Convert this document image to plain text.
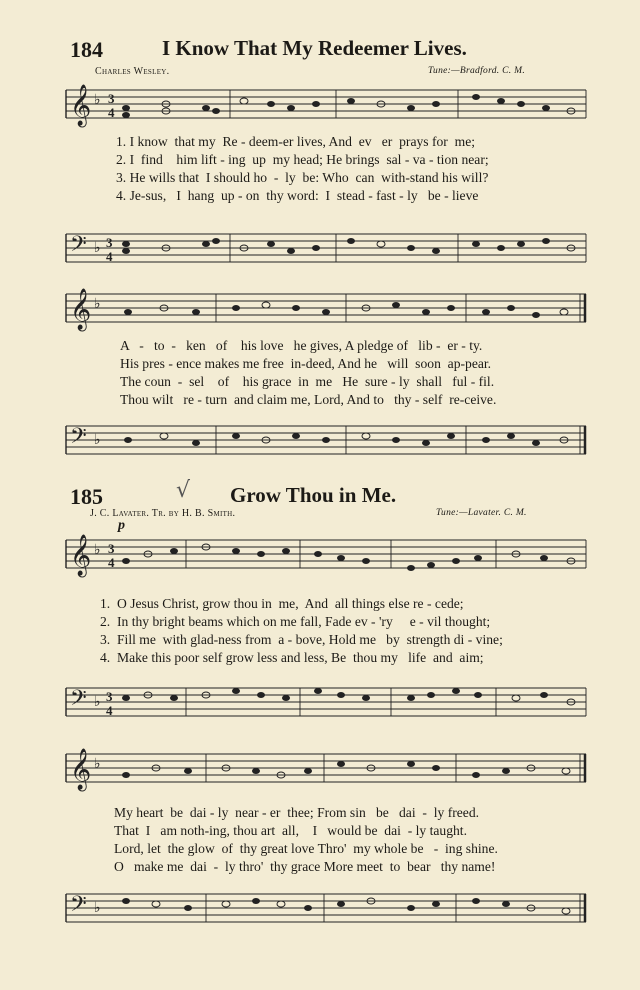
184	I Know That My Redeemer Lives.
Charles Wesley.	Tune:—Bradford. C. M.
𝄞 ♭ 3
4
1. I know  that my  Re - deem-er lives, And  ev   er  prays for  me;
2. I  find    him lift - ing  up  my head; He brings  sal - va - tion near;
3. He wills that  I should ho  -  ly  be: Who  can  with-stand his will?
4. Je-sus,   I  hang  up - on  thy word:  I  stead - fast - ly   be - lieve
𝄢 ♭ 3
4
𝄞 ♭
A   -   to  -   ken   of    his love   he gives, A pledge of   lib -  er - ty.
His pres - ence makes me free  in-deed, And he   will  soon  ap-pear.
The coun  -  sel    of    his grace  in  me   He  sure - ly  shall   ful - fil.
Thou wilt   re - turn  and claim me, Lord, And to   thy - self  re-ceive.
𝄢 ♭
185	√ Grow Thou in Me.
J. C. Lavater. Tr. by H. B. Smith.	Tune:—Lavater. C. M.
p
𝄞 ♭ 3
4
1.  O Jesus Christ, grow thou in  me,  And  all things else re - cede;
2.  In thy bright beams which on me fall, Fade ev - 'ry     e - vil thought;
3.  Fill me  with glad-ness from  a - bove, Hold me   by  strength di - vine;
4.  Make this poor self grow less and less, Be  thou my   life  and  aim;
𝄢 ♭ 3
4
𝄞 ♭
My heart  be  dai - ly  near - er  thee; From sin   be   dai  -  ly freed.
That  I   am noth-ing, thou art  all,    I   would be  dai  - ly taught.
Lord, let  the glow  of  thy great love Thro'  my whole be   -  ing shine.
O   make me  dai  -  ly thro'  thy grace More meet  to  bear   thy name!
𝄢 ♭
